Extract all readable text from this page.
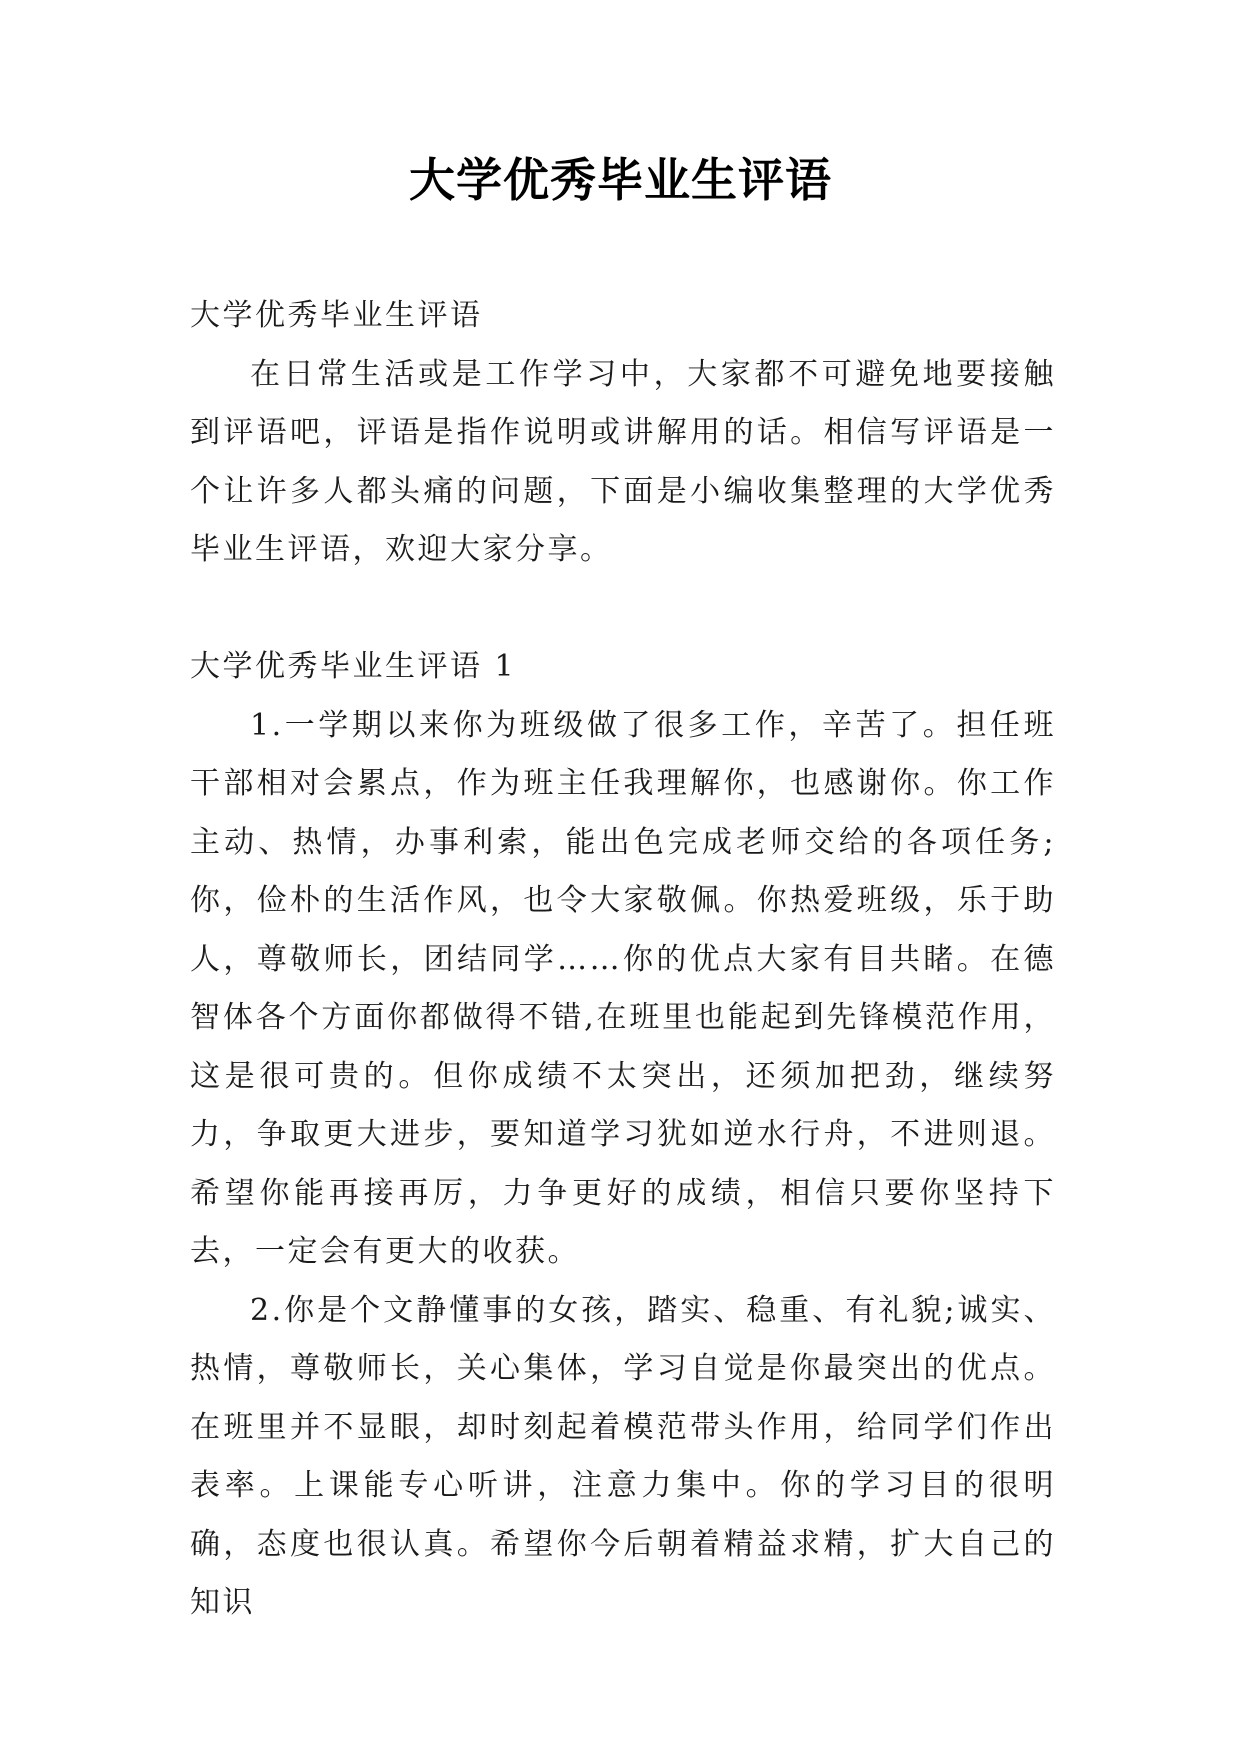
大学优秀毕业生评语

大学优秀毕业生评语

在日常生活或是工作学习中，大家都不可避免地要接触到评语吧，评语是指作说明或讲解用的话。相信写评语是一个让许多人都头痛的问题，下面是小编收集整理的大学优秀毕业生评语，欢迎大家分享。

大学优秀毕业生评语 1

1.一学期以来你为班级做了很多工作，辛苦了。担任班干部相对会累点，作为班主任我理解你，也感谢你。你工作主动、热情，办事利索，能出色完成老师交给的各项任务;你，俭朴的生活作风，也令大家敬佩。你热爱班级，乐于助人，尊敬师长，团结同学……你的优点大家有目共睹。在德智体各个方面你都做得不错,在班里也能起到先锋模范作用，这是很可贵的。但你成绩不太突出，还须加把劲，继续努力，争取更大进步，要知道学习犹如逆水行舟，不进则退。希望你能再接再厉，力争更好的成绩，相信只要你坚持下去，一定会有更大的收获。

2.你是个文静懂事的女孩，踏实、稳重、有礼貌;诚实、热情，尊敬师长，关心集体，学习自觉是你最突出的优点。在班里并不显眼，却时刻起着模范带头作用，给同学们作出表率。上课能专心听讲，注意力集中。你的学习目的很明确，态度也很认真。希望你今后朝着精益求精，扩大自己的知识
